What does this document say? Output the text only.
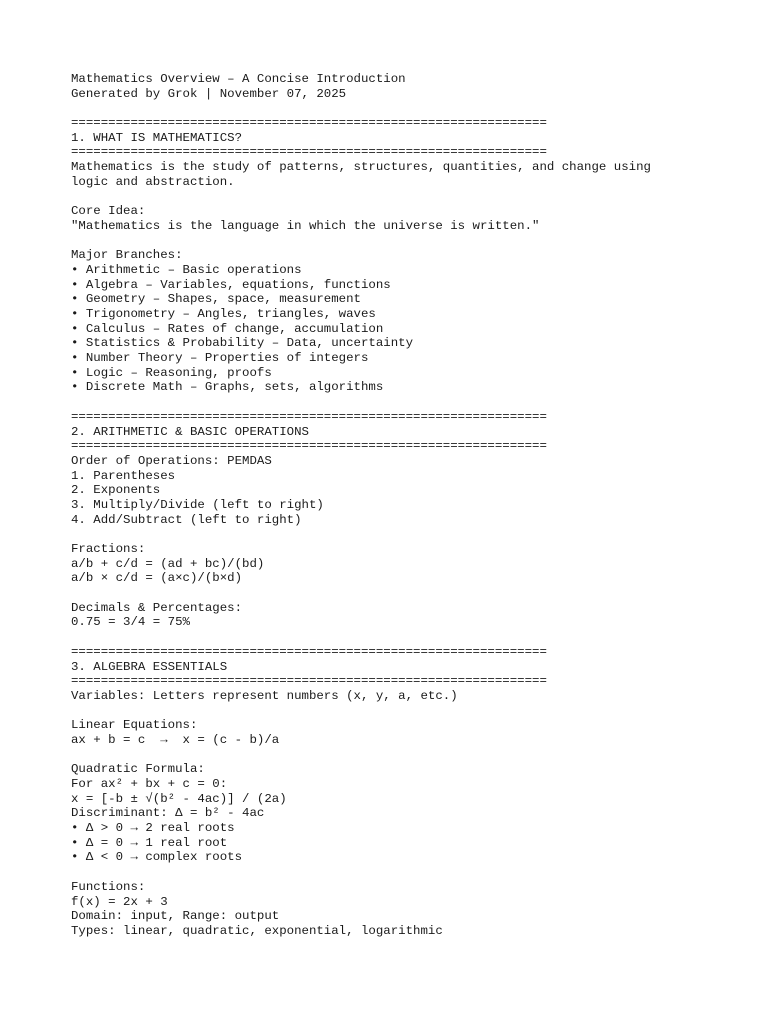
Mathematics Overview – A Concise Introduction
Generated by Grok | November 07, 2025
================================================================
1. WHAT IS MATHEMATICS?
================================================================
Mathematics is the study of patterns, structures, quantities, and change using
logic and abstraction.
Core Idea:
"Mathematics is the language in which the universe is written."
Major Branches:
• Arithmetic – Basic operations
• Algebra – Variables, equations, functions
• Geometry – Shapes, space, measurement
• Trigonometry – Angles, triangles, waves
• Calculus – Rates of change, accumulation
• Statistics & Probability – Data, uncertainty
• Number Theory – Properties of integers
• Logic – Reasoning, proofs
• Discrete Math – Graphs, sets, algorithms
================================================================
2. ARITHMETIC & BASIC OPERATIONS
================================================================
Order of Operations: PEMDAS
1. Parentheses
2. Exponents
3. Multiply/Divide (left to right)
4. Add/Subtract (left to right)
Fractions:
a/b + c/d = (ad + bc)/(bd)
a/b × c/d = (a×c)/(b×d)
Decimals & Percentages:
0.75 = 3/4 = 75%
================================================================
3. ALGEBRA ESSENTIALS
================================================================
Variables: Letters represent numbers (x, y, a, etc.)
Linear Equations:
ax + b = c  →  x = (c - b)/a
Quadratic Formula:
For ax² + bx + c = 0:
x = [-b ± √(b² - 4ac)] / (2a)
Discriminant: Δ = b² - 4ac
• Δ > 0 → 2 real roots
• Δ = 0 → 1 real root
• Δ < 0 → complex roots
Functions:
f(x) = 2x + 3
Domain: input, Range: output
Types: linear, quadratic, exponential, logarithmic
